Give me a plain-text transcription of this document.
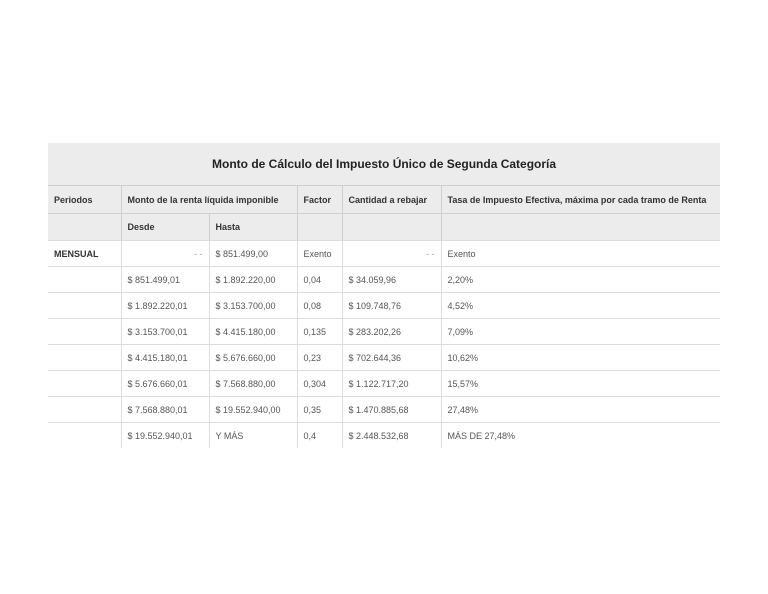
Monto de Cálculo del Impuesto Único de Segunda Categoría					
Periodos	Monto de la renta líquida imponible		Factor	Cantidad a rebajar	Tasa de Impuesto Efectiva, máxima por cada tramo de Renta
	Desde	Hasta			
MENSUAL	- -	$ 851.499,00	Exento	- -	Exento
	$ 851.499,01	$ 1.892.220,00	0,04	$ 34.059,96	2,20%
	$ 1.892.220,01	$ 3.153.700,00	0,08	$ 109.748,76	4,52%
	$ 3.153.700,01	$ 4.415.180,00	0,135	$ 283.202,26	7,09%
	$ 4.415.180,01	$ 5.676.660,00	0,23	$ 702.644,36	10,62%
	$ 5.676.660,01	$ 7.568.880,00	0,304	$ 1.122.717,20	15,57%
	$ 7.568.880,01	$ 19.552.940,00	0,35	$ 1.470.885,68	27,48%
	$ 19.552.940,01	Y MÁS	0,4	$ 2.448.532,68	MÁS DE 27,48%
